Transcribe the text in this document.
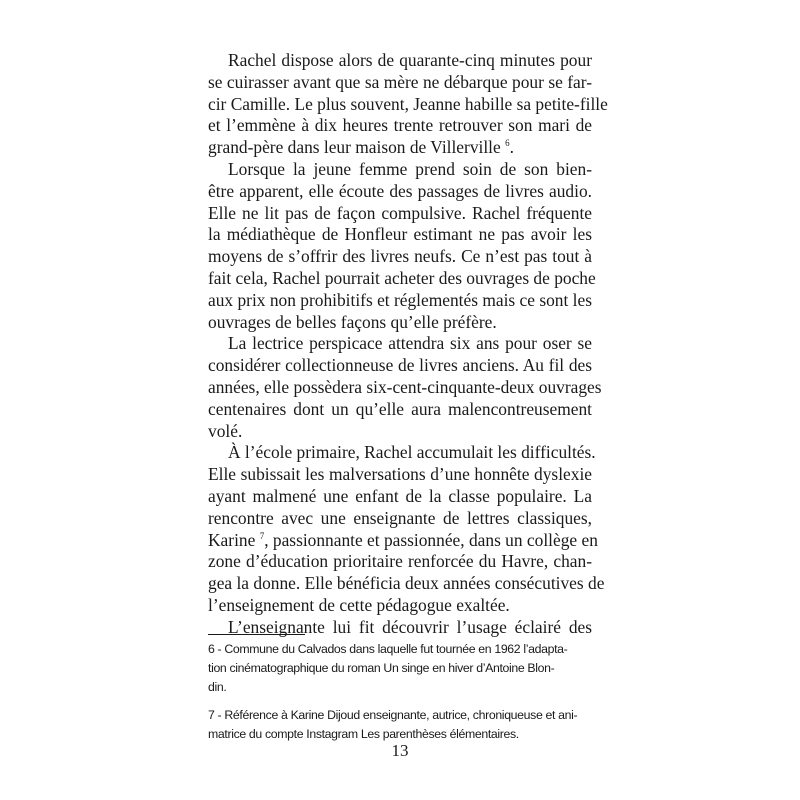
Rachel dispose alors de quarante-cinq minutes pour
se cuirasser avant que sa mère ne débarque pour se far-
cir Camille. Le plus souvent, Jeanne habille sa petite-fille
et l’emmène à dix heures trente retrouver son mari de
grand-père dans leur maison de Villerville $^6$.
Lorsque la jeune femme prend soin de son bien-
être apparent, elle écoute des passages de livres audio.
Elle ne lit pas de façon compulsive. Rachel fréquente
la médiathèque de Honfleur estimant ne pas avoir les
moyens de s’offrir des livres neufs. Ce n’est pas tout à
fait cela, Rachel pourrait acheter des ouvrages de poche
aux prix non prohibitifs et réglementés mais ce sont les
ouvrages de belles façons qu’elle préfère.
La lectrice perspicace attendra six ans pour oser se
considérer collectionneuse de livres anciens. Au fil des
années, elle possèdera six-cent-cinquante-deux ouvrages
centenaires dont un qu’elle aura malencontreusement
volé.
À l’école primaire, Rachel accumulait les difficultés.
Elle subissait les malversations d’une honnête dyslexie
ayant malmené une enfant de la classe populaire. La
rencontre avec une enseignante de lettres classiques,
Karine $^7$, passionnante et passionnée, dans un collège en
zone d’éducation prioritaire renforcée du Havre, chan-
gea la donne. Elle bénéficia deux années consécutives de
l’enseignement de cette pédagogue exaltée.
L’enseignante lui fit découvrir l’usage éclairé des
6 - Commune du Calvados dans laquelle fut tournée en 1962 l’adapta-
tion cinématographique du roman Un singe en hiver d’Antoine Blon-
din.
7 - Référence à Karine Dijoud enseignante, autrice, chroniqueuse et ani-
matrice du compte Instagram Les parenthèses élémentaires.
13
